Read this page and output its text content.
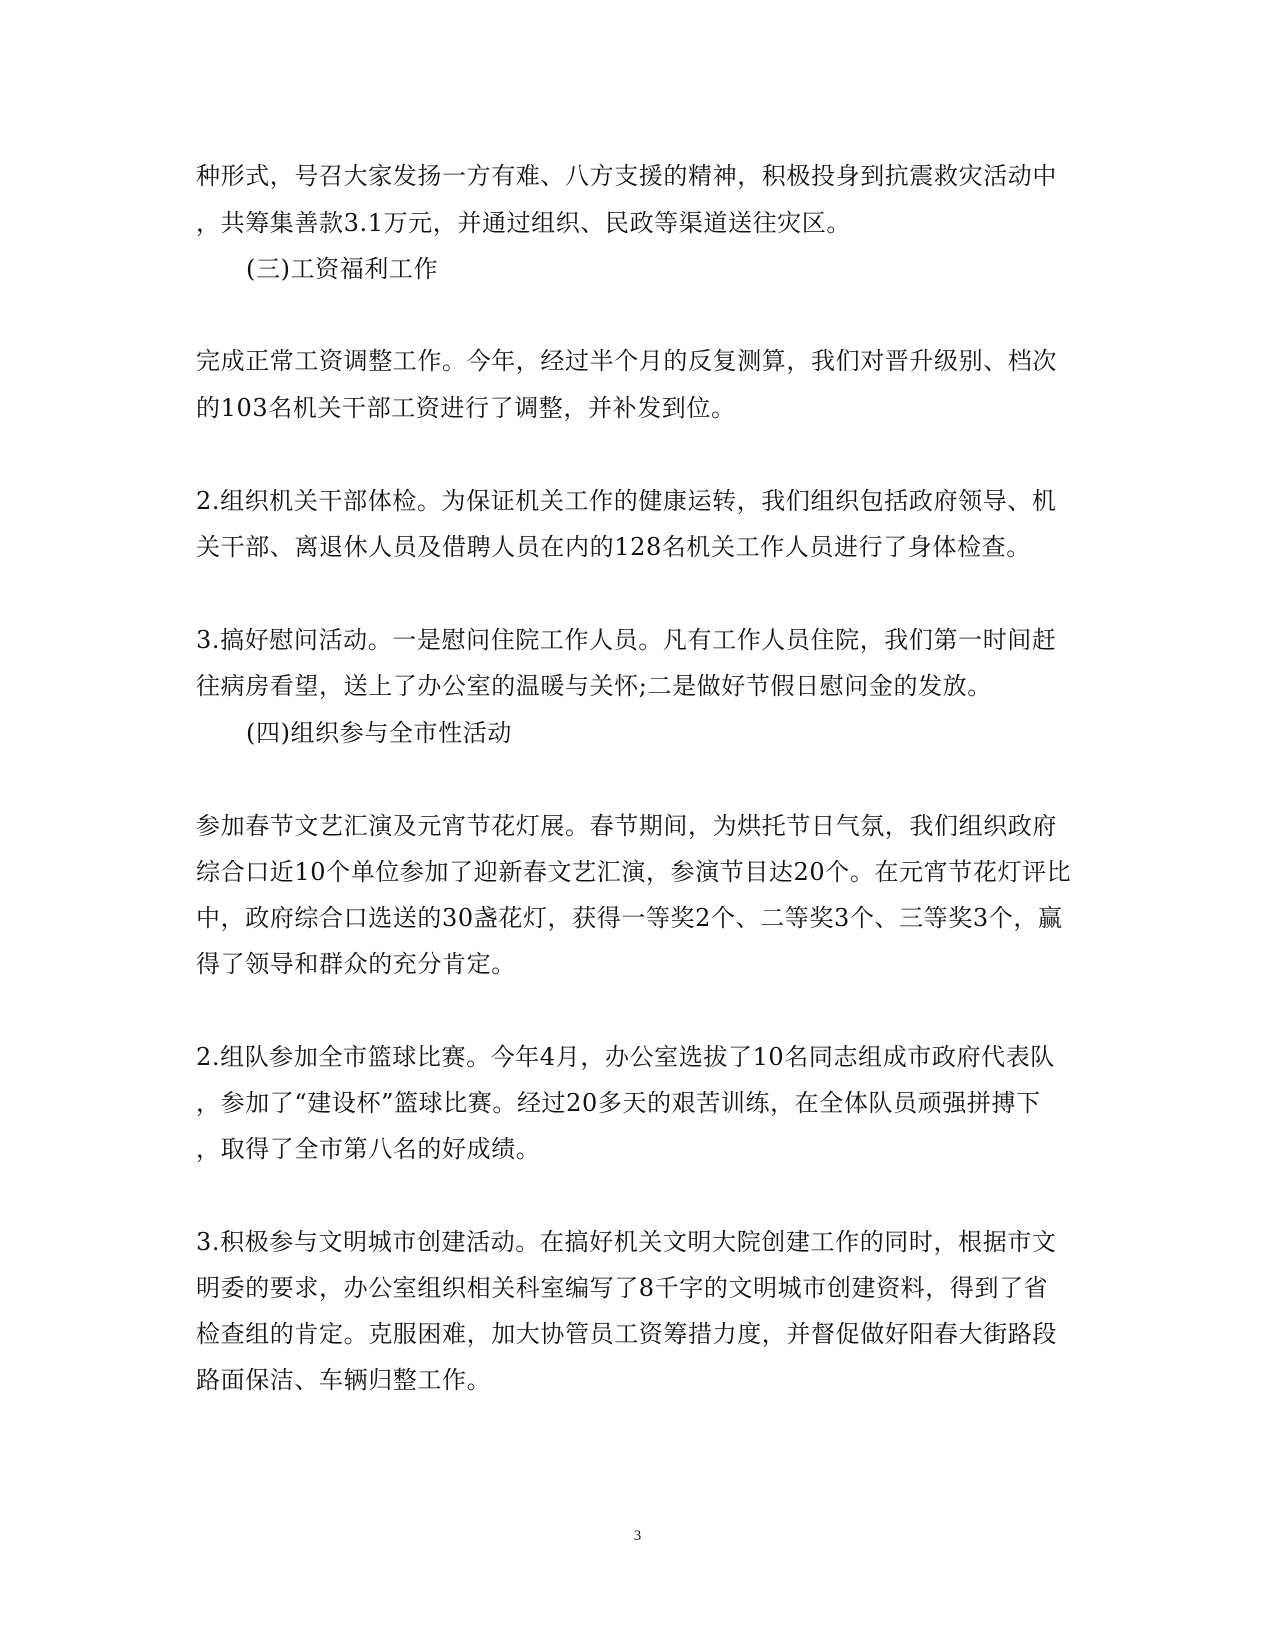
种形式，号召大家发扬一方有难、八方支援的精神，积极投身到抗震救灾活动中
，共筹集善款3.1万元，并通过组织、民政等渠道送往灾区。
(三)工资福利工作
完成正常工资调整工作。今年，经过半个月的反复测算，我们对晋升级别、档次
的103名机关干部工资进行了调整，并补发到位。
2.组织机关干部体检。为保证机关工作的健康运转，我们组织包括政府领导、机
关干部、离退休人员及借聘人员在内的128名机关工作人员进行了身体检查。
3.搞好慰问活动。一是慰问住院工作人员。凡有工作人员住院，我们第一时间赶
往病房看望，送上了办公室的温暖与关怀;二是做好节假日慰问金的发放。
(四)组织参与全市性活动
参加春节文艺汇演及元宵节花灯展。春节期间，为烘托节日气氛，我们组织政府
综合口近10个单位参加了迎新春文艺汇演，参演节目达20个。在元宵节花灯评比
中，政府综合口选送的30盏花灯，获得一等奖2个、二等奖3个、三等奖3个，赢
得了领导和群众的充分肯定。
2.组队参加全市篮球比赛。今年4月，办公室选拔了10名同志组成市政府代表队
，参加了“建设杯”篮球比赛。经过20多天的艰苦训练，在全体队员顽强拼搏下
，取得了全市第八名的好成绩。
3.积极参与文明城市创建活动。在搞好机关文明大院创建工作的同时，根据市文
明委的要求，办公室组织相关科室编写了8千字的文明城市创建资料，得到了省
检查组的肯定。克服困难，加大协管员工资筹措力度，并督促做好阳春大街路段
路面保洁、车辆归整工作。
3
